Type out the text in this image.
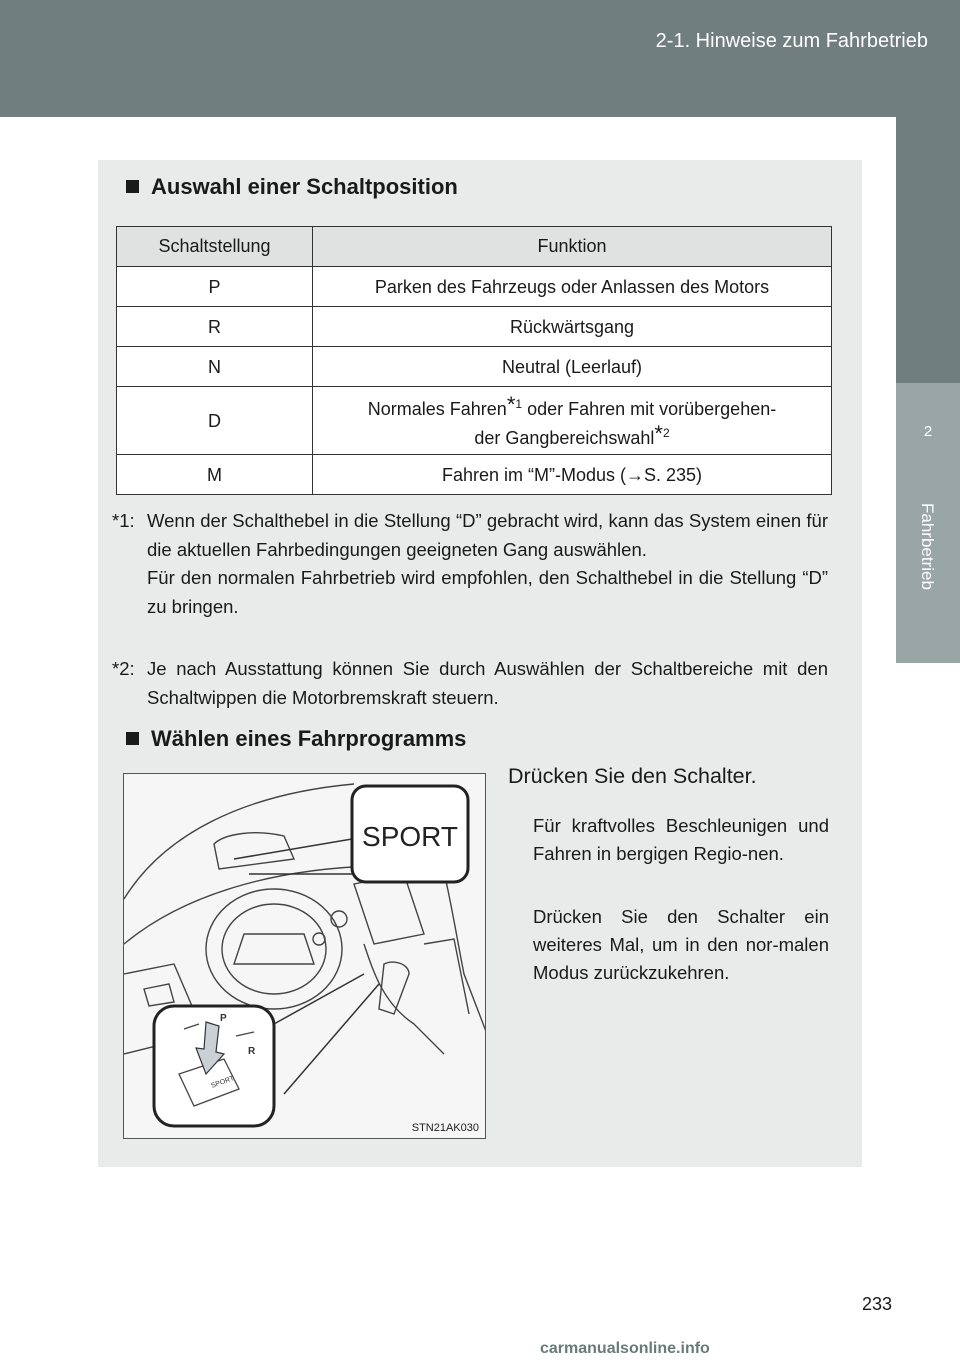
2-1. Hinweise zum Fahrbetrieb
2
Fahrbetrieb
Auswahl einer Schaltposition
Schaltstellung	Funktion
P	Parken des Fahrzeugs oder Anlassen des Motors
R	Rückwärtsgang
N	Neutral (Leerlauf)
D	Normales Fahren$^{*1}$ oder Fahren mit vorübergehen-
der Gangbereichswahl$^{*2}$
M	Fahren im “M”-Modus (→S. 235)
*1: Wenn der Schalthebel in die Stellung “D” gebracht wird, kann das System einen für die aktuellen Fahrbedingungen geeigneten Gang auswählen.

Für den normalen Fahrbetrieb wird empfohlen, den Schalthebel in die Stellung “D” zu bringen.

*2: Je nach Ausstattung können Sie durch Auswählen der Schaltbereiche mit den Schaltwippen die Motorbremskraft steuern.

Wählen eines Fahrprogramms
SPORT
SPORT
P
R
STN21AK030
Drücken Sie den Schalter.
Für kraftvolles Beschleunigen und Fahren in bergigen Regio-nen.
Drücken Sie den Schalter ein weiteres Mal, um in den nor-malen Modus zurückzukehren.
233
carmanualsonline.info
